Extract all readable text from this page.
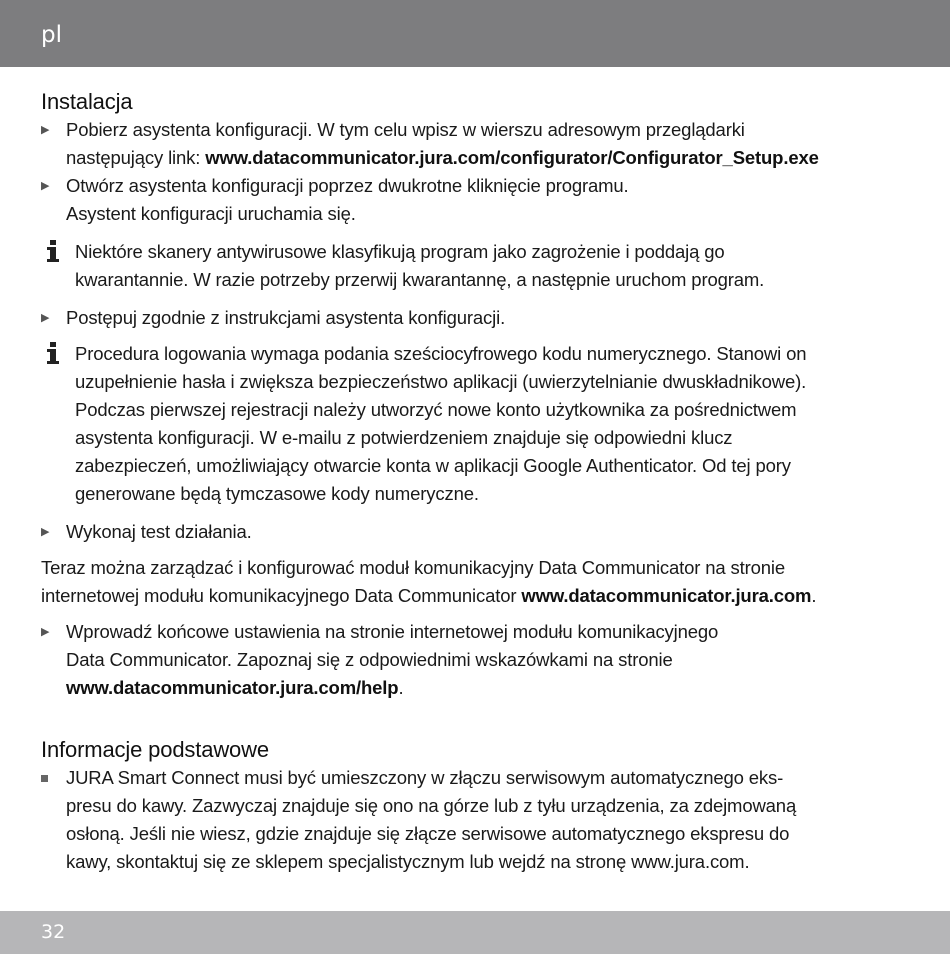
pl
Instalacja
▶ Pobierz asystenta konfiguracji. W tym celu wpisz w wierszu adresowym przeglądarki
następujący link: www.datacommunicator.jura.com/configurator/Configurator_Setup.exe
▶ Otwórz asystenta konfiguracji poprzez dwukrotne kliknięcie programu.
Asystent konfiguracji uruchamia się.
Niektóre skanery antywirusowe klasyfikują program jako zagrożenie i poddają go
kwarantannie. W razie potrzeby przerwij kwarantannę, a następnie uruchom program.
▶ Postępuj zgodnie z instrukcjami asystenta konfiguracji.
Procedura logowania wymaga podania sześciocyfrowego kodu numerycznego. Stanowi on
uzupełnienie hasła i zwiększa bezpieczeństwo aplikacji (uwierzytelnianie dwuskładnikowe).
Podczas pierwszej rejestracji należy utworzyć nowe konto użytkownika za pośrednictwem
asystenta konfiguracji. W e-mailu z potwierdzeniem znajduje się odpowiedni klucz
zabezpieczeń, umożliwiający otwarcie konta w aplikacji Google Authenticator. Od tej pory
generowane będą tymczasowe kody numeryczne.
▶ Wykonaj test działania.
Teraz można zarządzać i konfigurować moduł komunikacyjny Data Communicator na stronie
internetowej modułu komunikacyjnego Data Communicator www.datacommunicator.jura.com.
▶ Wprowadź końcowe ustawienia na stronie internetowej modułu komunikacyjnego
Data Communicator. Zapoznaj się z odpowiednimi wskazówkami na stronie
www.datacommunicator.jura.com/help.
Informacje podstawowe
JURA Smart Connect musi być umieszczony w złączu serwisowym automatycznego eks-
presu do kawy. Zazwyczaj znajduje się ono na górze lub z tyłu urządzenia, za zdejmowaną
osłoną. Jeśli nie wiesz, gdzie znajduje się złącze serwisowe automatycznego ekspresu do
kawy, skontaktuj się ze sklepem specjalistycznym lub wejdź na stronę www.jura.com.
32
